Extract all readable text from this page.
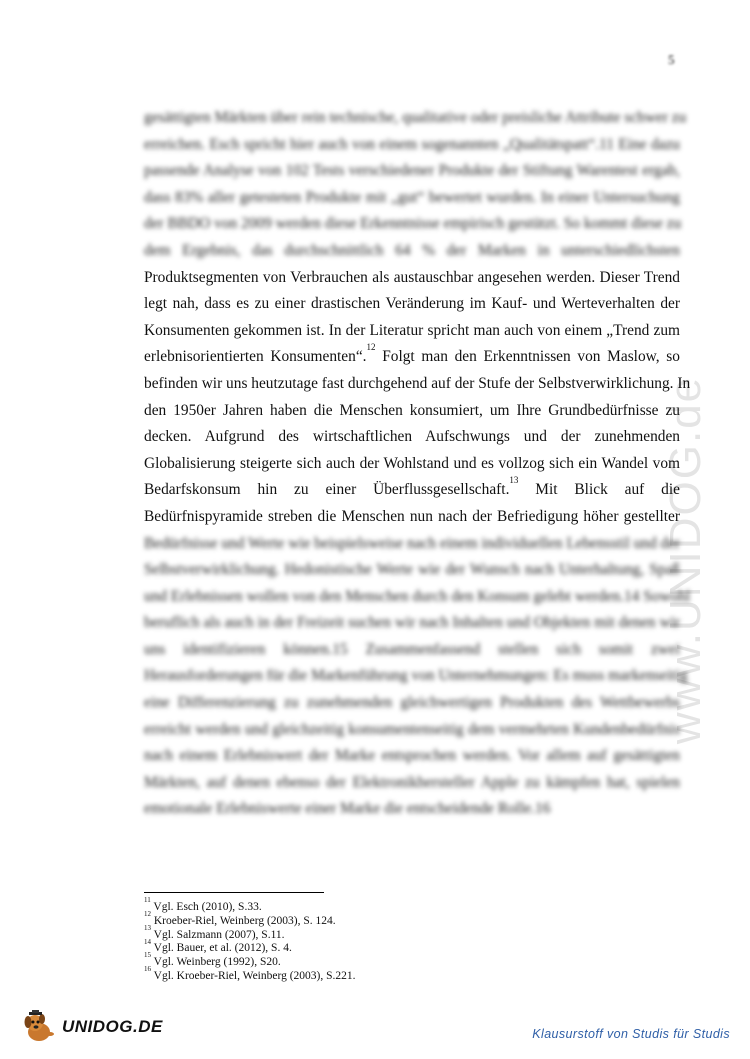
www.UNIDOG.de
5
gesättigten Märkten über rein technische, qualitative oder preisliche Attribute schwer zu
erreichen. Esch spricht hier auch von einem sogenannten „Qualitätspatt“.11 Eine dazu
passende Analyse von 102 Tests verschiedener Produkte der Stiftung Warentest ergab,
dass 83% aller getesteten Produkte mit „gut“ bewertet wurden. In einer Untersuchung
der BBDO von 2009 werden diese Erkenntnisse empirisch gestützt. So kommt diese zu
dem Ergebnis, das durchschnittlich 64 % der Marken in unterschiedlichsten
Produktsegmenten von Verbrauchen als austauschbar angesehen werden. Dieser Trend
legt nah, dass es zu einer drastischen Veränderung im Kauf- und Werteverhalten der
Konsumenten gekommen ist. In der Literatur spricht man auch von einem „Trend zum
erlebnisorientierten Konsumenten“.$^{12}$ Folgt man den Erkenntnissen von Maslow, so
befinden wir uns heutzutage fast durchgehend auf der Stufe der Selbstverwirklichung. In
den 1950er Jahren haben die Menschen konsumiert, um Ihre Grundbedürfnisse zu
decken. Aufgrund des wirtschaftlichen Aufschwungs und der zunehmenden
Globalisierung steigerte sich auch der Wohlstand und es vollzog sich ein Wandel vom
Bedarfskonsum hin zu einer Überflussgesellschaft.$^{13}$ Mit Blick auf die
Bedürfnispyramide streben die Menschen nun nach der Befriedigung höher gestellter
Bedürfnisse und Werte wie beispielsweise nach einem individuellen Lebensstil und der
Selbstverwirklichung. Hedonistische Werte wie der Wunsch nach Unterhaltung, Spaß
und Erlebnissen wollen von den Menschen durch den Konsum gelebt werden.14 Sowohl
beruflich als auch in der Freizeit suchen wir nach Inhalten und Objekten mit denen wir
uns identifizieren können.15 Zusammenfassend stellen sich somit zwei
Herausforderungen für die Markenführung von Unternehmungen: Es muss markenseitig
eine Differenzierung zu zunehmenden gleichwertigen Produkten des Wettbewerbs
erreicht werden und gleichzeitig konsumentenseitig dem vermehrten Kundenbedürfnis
nach einem Erlebniswert der Marke entsprochen werden. Vor allem auf gesättigten
Märkten, auf denen ebenso der Elektronikhersteller Apple zu kämpfen hat, spielen
emotionale Erlebniswerte einer Marke die entscheidende Rolle.16
$^{11}$ Vgl. Esch (2010), S.33.
$^{12}$ Kroeber-Riel, Weinberg (2003), S. 124.
$^{13}$ Vgl. Salzmann (2007), S.11.
$^{14}$ Vgl. Bauer, et al. (2012), S. 4.
$^{15}$ Vgl. Weinberg (1992), S20.
$^{16}$ Vgl. Kroeber-Riel, Weinberg (2003), S.221.
UNIDOG.DE	Klausurstoff von Studis für Studis
